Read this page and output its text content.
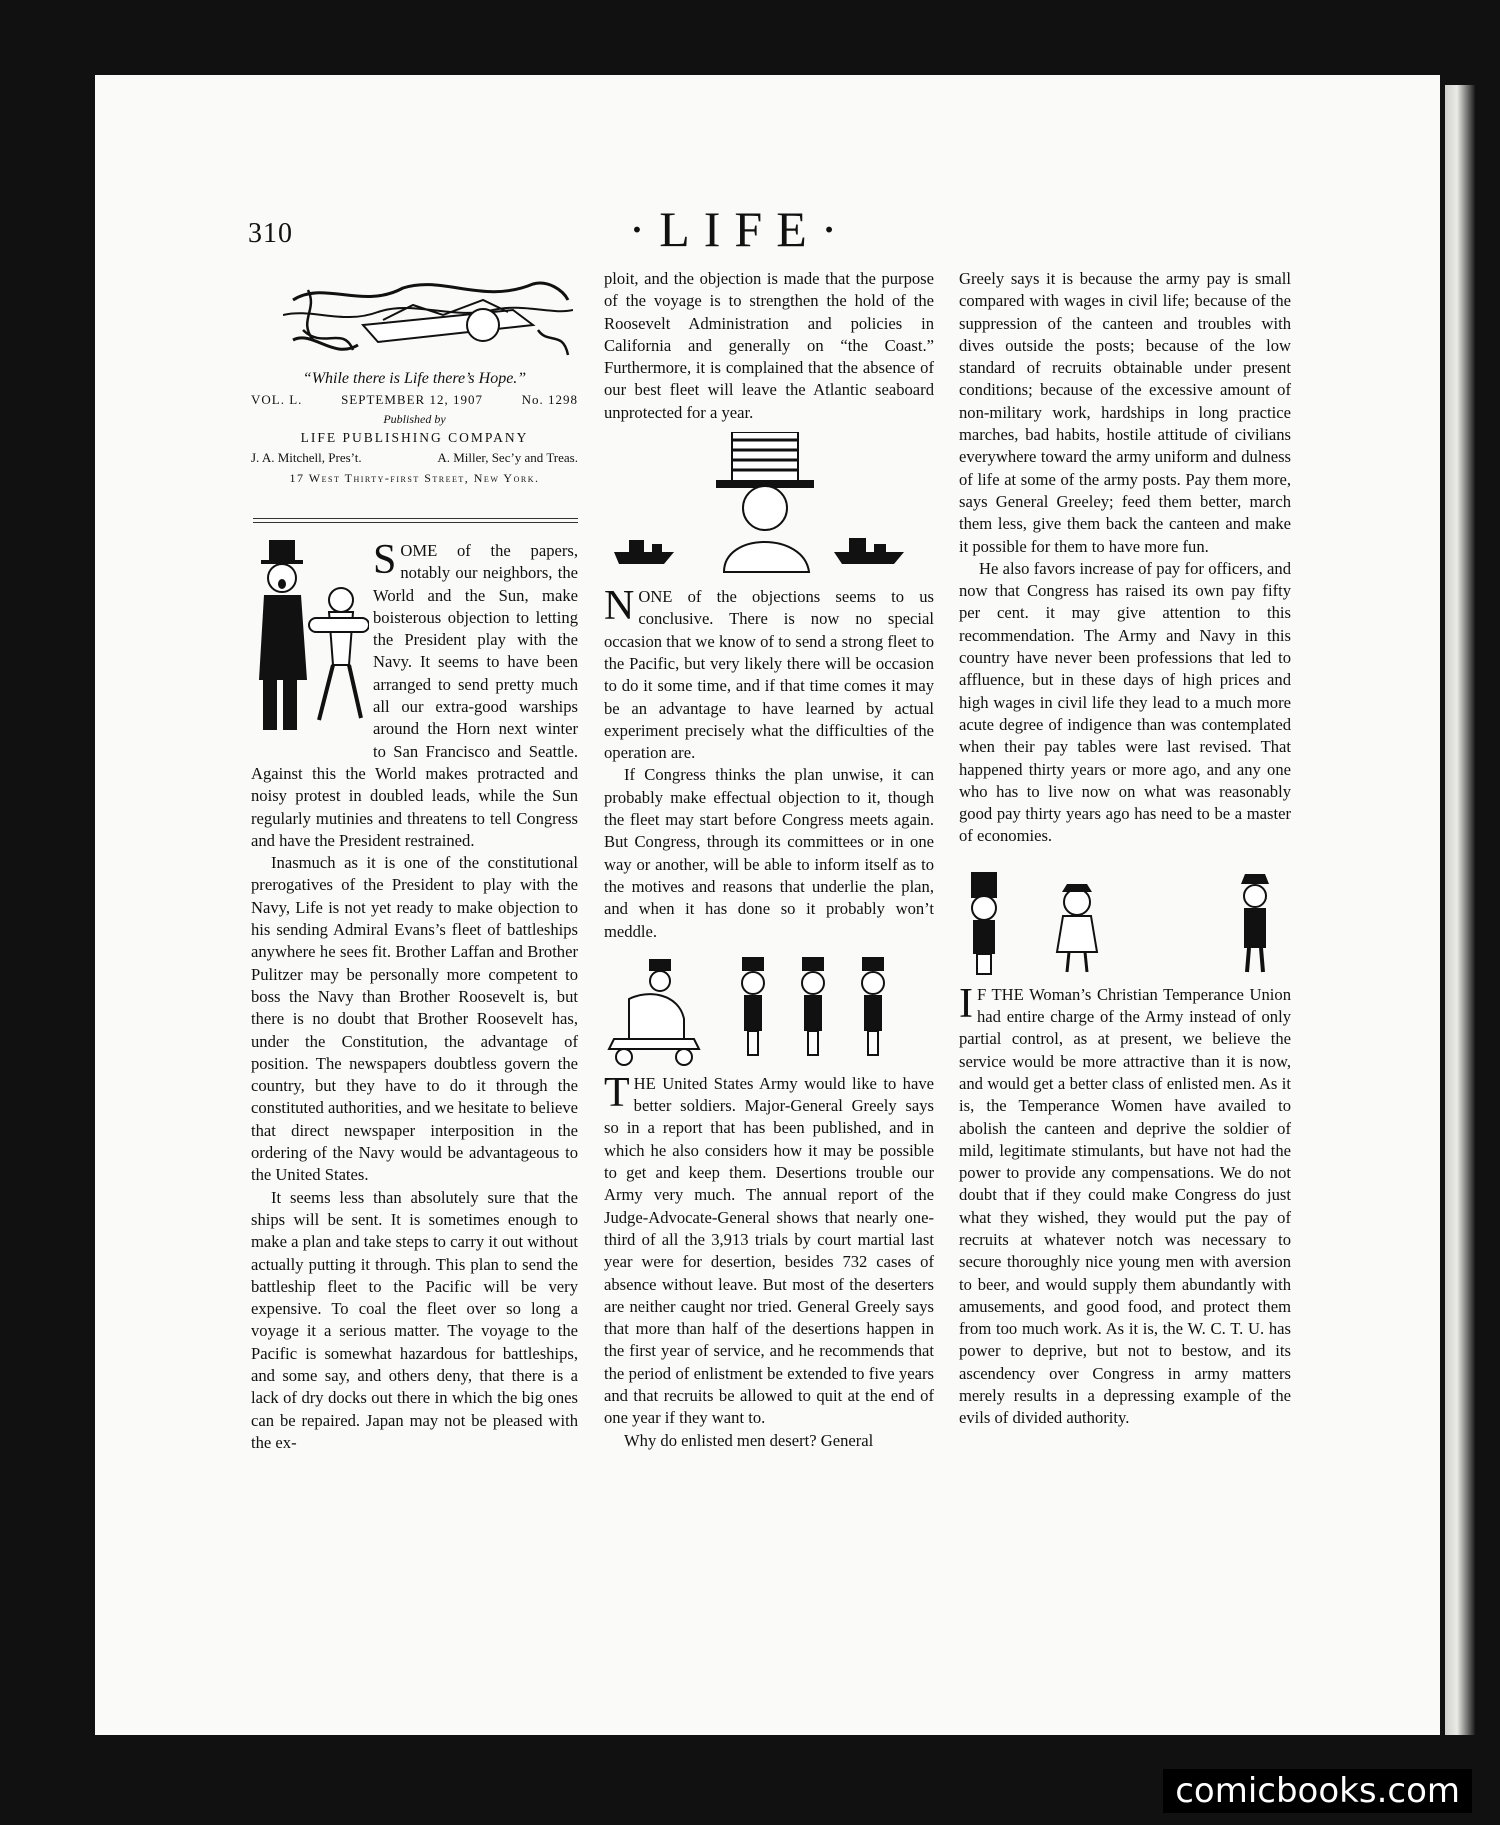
310	·LIFE·
“While there is Life there’s Hope.”
VOL. L.	SEPTEMBER 12, 1907	No. 1298
Published by
LIFE PUBLISHING COMPANY
J. A. Mitchell, Pres’t.	A. Miller, Sec’y and Treas.
17 West Thirty-first Street, New York.

SOME of the papers, notably our neighbors, the World and the Sun, make boisterous objection to letting the President play with the Navy. It seems to have been arranged to send pretty much all our extra-good warships around the Horn next winter to San Francisco and Seattle. Against this the World makes protracted and noisy protest in doubled leads, while the Sun regularly mutinies and threatens to tell Congress and have the President restrained.

Inasmuch as it is one of the constitutional prerogatives of the President to play with the Navy, Life is not yet ready to make objection to his sending Admiral Evans’s fleet of battleships anywhere he sees fit. Brother Laffan and Brother Pulitzer may be personally more competent to boss the Navy than Brother Roosevelt is, but there is no doubt that Brother Roosevelt has, under the Constitution, the advantage of position. The newspapers doubtless govern the country, but they have to do it through the constituted authorities, and we hesitate to believe that direct newspaper interposition in the ordering of the Navy would be advantageous to the United States.

It seems less than absolutely sure that the ships will be sent. It is sometimes enough to make a plan and take steps to carry it out without actually putting it through. This plan to send the battleship fleet to the Pacific will be very expensive. To coal the fleet over so long a voyage it a serious matter. The voyage to the Pacific is somewhat hazardous for battleships, and some say, and others deny, that there is a lack of dry docks out there in which the big ones can be repaired. Japan may not be pleased with the ex-

ploit, and the objection is made that the purpose of the voyage is to strengthen the hold of the Roosevelt Administration and policies in California and generally on “the Coast.” Furthermore, it is complained that the absence of our best fleet will leave the Atlantic seaboard unprotected for a year.

NONE of the objections seems to us conclusive. There is now no special occasion that we know of to send a strong fleet to the Pacific, but very likely there will be occasion to do it some time, and if that time comes it may be an advantage to have learned by actual experiment precisely what the difficulties of the operation are.

If Congress thinks the plan unwise, it can probably make effectual objection to it, though the fleet may start before Congress meets again. But Congress, through its committees or in one way or another, will be able to inform itself as to the motives and reasons that underlie the plan, and when it has done so it probably won’t meddle.

THE United States Army would like to have better soldiers. Major-General Greely says so in a report that has been published, and in which he also considers how it may be possible to get and keep them. Desertions trouble our Army very much. The annual report of the Judge-Advocate-General shows that nearly one-third of all the 3,913 trials by court martial last year were for desertion, besides 732 cases of absence without leave. But most of the deserters are neither caught nor tried. General Greely says that more than half of the desertions happen in the first year of service, and he recommends that the period of enlistment be extended to five years and that recruits be allowed to quit at the end of one year if they want to.

Why do enlisted men desert? General

Greely says it is because the army pay is small compared with wages in civil life; because of the suppression of the canteen and troubles with dives outside the posts; because of the low standard of recruits obtainable under present conditions; because of the excessive amount of non-military work, hardships in long practice marches, bad habits, hostile attitude of civilians everywhere toward the army uniform and dulness of life at some of the army posts. Pay them more, says General Greeley; feed them better, march them less, give them back the canteen and make it possible for them to have more fun.

He also favors increase of pay for officers, and now that Congress has raised its own pay fifty per cent. it may give attention to this recommendation. The Army and Navy in this country have never been professions that led to affluence, but in these days of high prices and high wages in civil life they lead to a much more acute degree of indigence than was contemplated when their pay tables were last revised. That happened thirty years or more ago, and any one who has to live now on what was reasonably good pay thirty years ago has need to be a master of economies.

I F THE Woman’s Christian Temperance Union had entire charge of the Army instead of only partial control, as at present, we believe the service would be more attractive than it is now, and would get a better class of enlisted men. As it is, the Temperance Women have availed to abolish the canteen and deprive the soldier of mild, legitimate stimulants, but have not had the power to provide any compensations. We do not doubt that if they could make Congress do just what they wished, they would put the pay of recruits at whatever notch was necessary to secure thoroughly nice young men with aversion to beer, and would supply them abundantly with amusements, and good food, and protect them from too much work. As it is, the W. C. T. U. has power to deprive, but not to bestow, and its ascendency over Congress in army matters merely results in a depressing example of the evils of divided authority.

comicbooks.com
